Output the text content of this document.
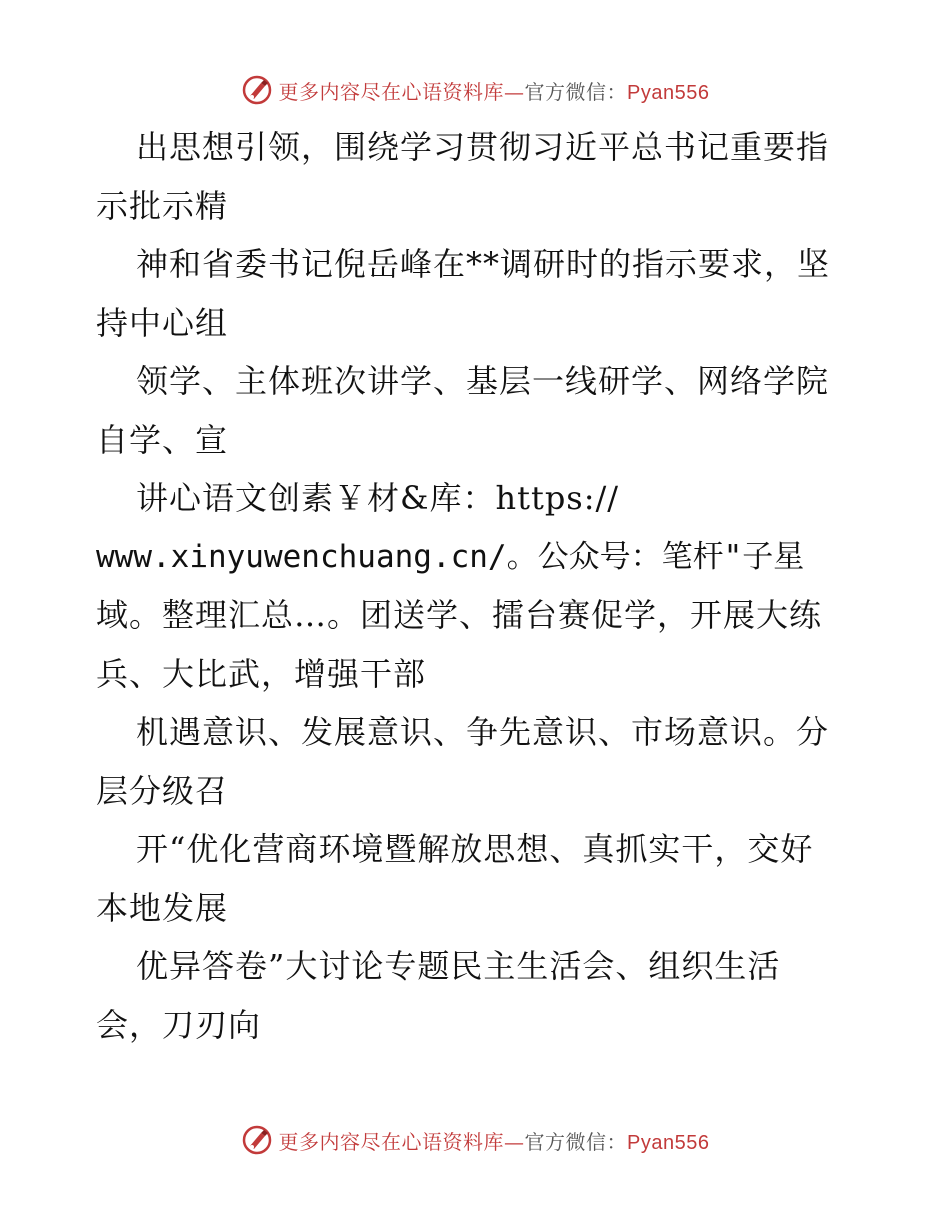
更多内容尽在心语资料库—官方微信：Pyan556
出思想引领，围绕学习贯彻习近平总书记重要指
示批示精
神和省委书记倪岳峰在**调研时的指示要求，坚
持中心组
领学、主体班次讲学、基层一线研学、网络学院
自学、宣
讲心语文创素￥材&库：https://
www.xinyuwenchuang.cn/。公众号：笔杆"子星
域。整理汇总…。团送学、擂台赛促学，开展大练
兵、大比武，增强干部
机遇意识、发展意识、争先意识、市场意识。分
层分级召
开“优化营商环境暨解放思想、真抓实干，交好
本地发展
优异答卷”大讨论专题民主生活会、组织生活
会，刀刃向
更多内容尽在心语资料库—官方微信：Pyan556
